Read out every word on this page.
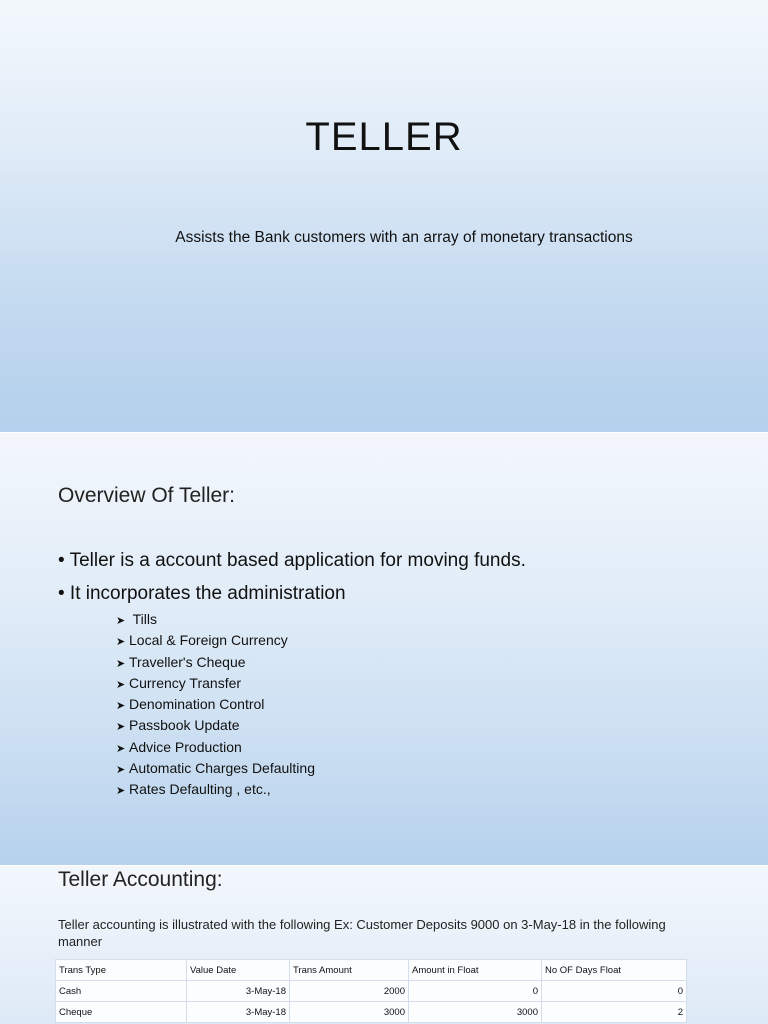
TELLER
Assists the Bank customers with an array of monetary transactions
Overview Of Teller:
• Teller is a account based application for moving funds.
• It incorporates the administration
➤ Tills
➤ Local & Foreign Currency
➤ Traveller's Cheque
➤ Currency Transfer
➤ Denomination Control
➤ Passbook Update
➤ Advice Production
➤ Automatic Charges Defaulting
➤ Rates Defaulting , etc.,
Teller Accounting:
Teller accounting is illustrated with the following Ex: Customer Deposits 9000 on 3-May-18 in the following manner
Trans Type	Value Date	Trans Amount	Amount in Float	No OF Days Float
Cash	3-May-18	2000	0	0
Cheque	3-May-18	3000	3000	2
